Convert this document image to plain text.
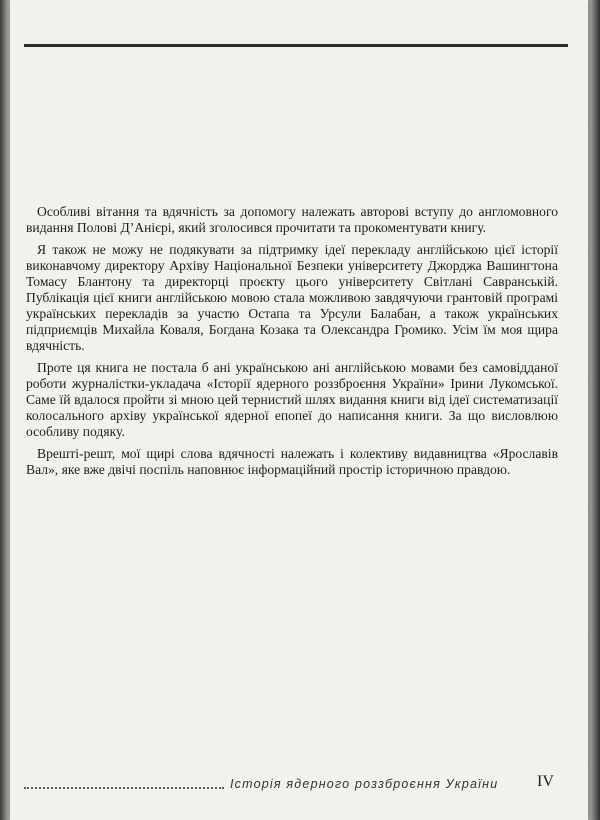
Особливі вітання та вдячність за допомогу належать авторові вступу до англомовного видання Полові Д’Анієрі, який зголосився прочитати та прокоментувати книгу.

Я також не можу не подякувати за підтримку ідеї перекладу англійською цієї історії виконавчому директору Архіву Національної Безпеки університету Джорджа Вашингтона Томасу Блантону та директорці проєкту цього університету Світлані Савранській. Публікація цієї книги англійською мовою стала можливою завдячуючи грантовій програмі українських перекладів за участю Остапа та Урсули Балабан, а також українських підприємців Михайла Коваля, Богдана Козака та Олександра Громико. Усім їм моя щира вдячність.

Проте ця книга не постала б ані українською ані англійською мовами без самовідданої роботи журналістки-укладача «Історії ядерного роззброєння України» Ірини Лукомської. Саме їй вдалося пройти зі мною цей тернистий шлях видання книги від ідеї систематизації колосального архіву української ядерної епопеї до написання книги. За що висловлюю особливу подяку.

Врешті-решт, мої щирі слова вдячності належать і колективу видавництва «Ярославів Вал», яке вже двічі поспіль наповнює інформаційний простір історичною правдою.

Історія ядерного роззброєння України	IV
